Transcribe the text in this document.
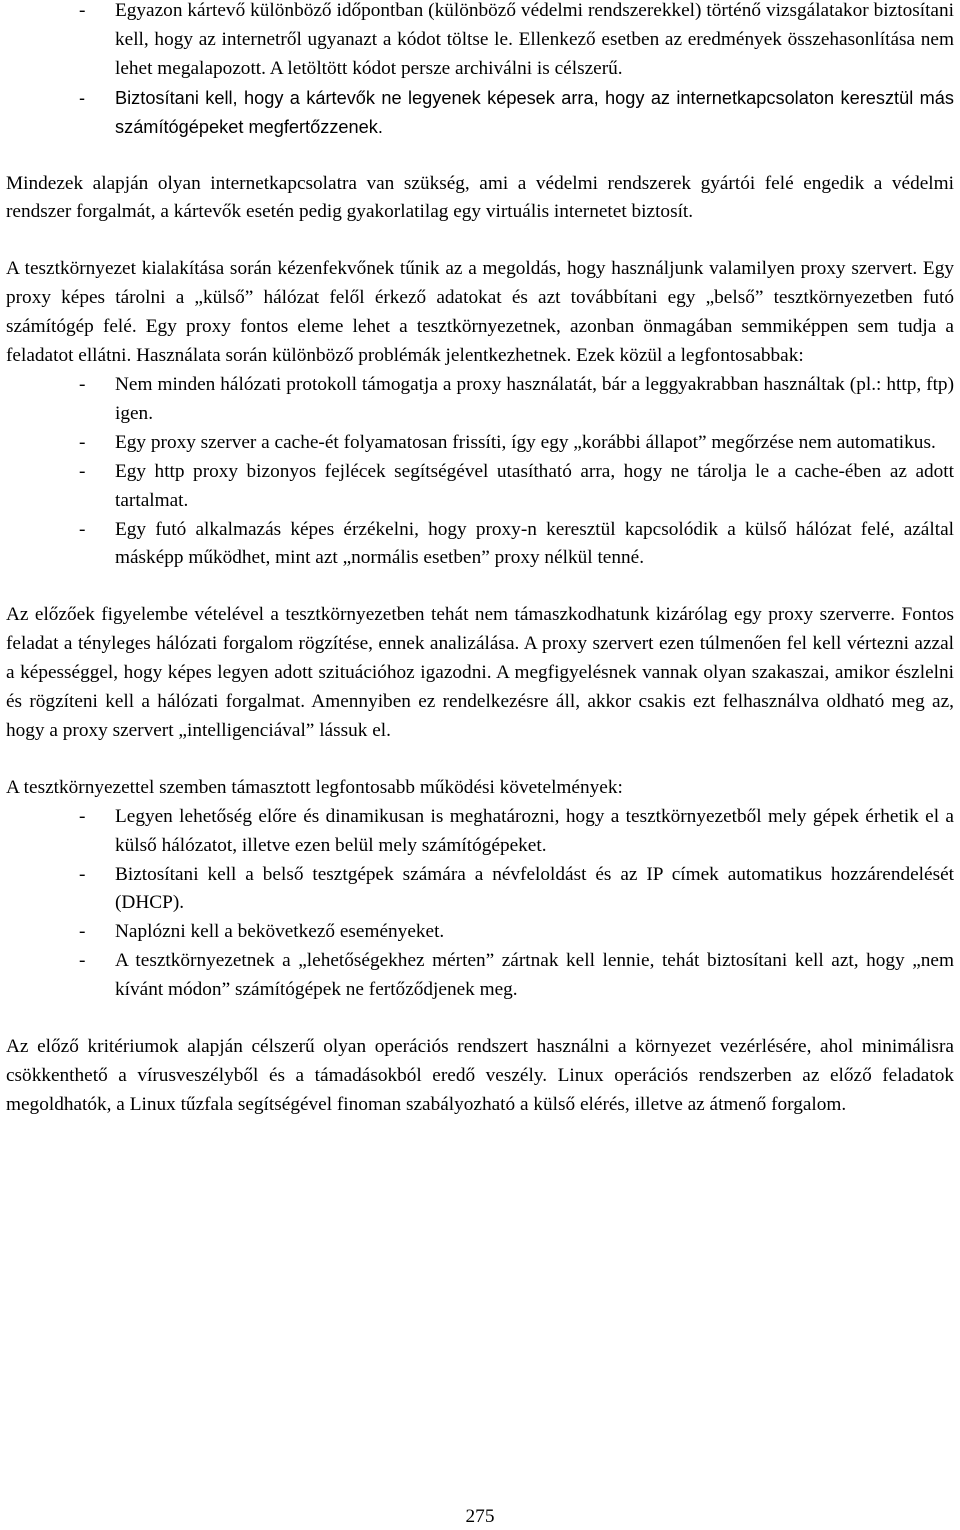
- Egyazon kártevő különböző időpontban (különböző védelmi rendszerekkel) történő vizsgálatakor biztosítani kell, hogy az internetről ugyanazt a kódot töltse le. Ellenkező esetben az eredmények összehasonlítása nem lehet megalapozott. A letöltött kódot persze archiválni is célszerű.
- Biztosítani kell, hogy a kártevők ne legyenek képesek arra, hogy az internetkapcsolaton keresztül más számítógépeket megfertőzzenek.

Mindezek alapján olyan internetkapcsolatra van szükség, ami a védelmi rendszerek gyártói felé engedik a védelmi rendszer forgalmát, a kártevők esetén pedig gyakorlatilag egy virtuális internetet biztosít.

A tesztkörnyezet kialakítása során kézenfekvőnek tűnik az a megoldás, hogy használjunk valamilyen proxy szervert. Egy proxy képes tárolni a „külső” hálózat felől érkező adatokat és azt továbbítani egy „belső” tesztkörnyezetben futó számítógép felé. Egy proxy fontos eleme lehet a tesztkörnyezetnek, azonban önmagában semmiképpen sem tudja a feladatot ellátni. Használata során különböző problémák jelentkezhetnek. Ezek közül a legfontosabbak:

- Nem minden hálózati protokoll támogatja a proxy használatát, bár a leggyakrabban használtak (pl.: http, ftp) igen.
- Egy proxy szerver a cache-ét folyamatosan frissíti, így egy „korábbi állapot” megőrzése nem automatikus.
- Egy http proxy bizonyos fejlécek segítségével utasítható arra, hogy ne tárolja le a cache-ében az adott tartalmat.
- Egy futó alkalmazás képes érzékelni, hogy proxy-n keresztül kapcsolódik a külső hálózat felé, azáltal másképp működhet, mint azt „normális esetben” proxy nélkül tenné.

Az előzőek figyelembe vételével a tesztkörnyezetben tehát nem támaszkodhatunk kizárólag egy proxy szerverre. Fontos feladat a tényleges hálózati forgalom rögzítése, ennek analizálása. A proxy szervert ezen túlmenően fel kell vértezni azzal a képességgel, hogy képes legyen adott szituációhoz igazodni. A megfigyelésnek vannak olyan szakaszai, amikor észlelni és rögzíteni kell a hálózati forgalmat. Amennyiben ez rendelkezésre áll, akkor csakis ezt felhasználva oldható meg az, hogy a proxy szervert „intelligenciával” lássuk el.

A tesztkörnyezettel szemben támasztott legfontosabb működési követelmények:

- Legyen lehetőség előre és dinamikusan is meghatározni, hogy a tesztkörnyezetből mely gépek érhetik el a külső hálózatot, illetve ezen belül mely számítógépeket.
- Biztosítani kell a belső tesztgépek számára a névfeloldást és az IP címek automatikus hozzárendelését (DHCP).
- Naplózni kell a bekövetkező eseményeket.
- A tesztkörnyezetnek a „lehetőségekhez mérten” zártnak kell lennie, tehát biztosítani kell azt, hogy „nem kívánt módon” számítógépek ne fertőződjenek meg.

Az előző kritériumok alapján célszerű olyan operációs rendszert használni a környezet vezérlésére, ahol minimálisra csökkenthető a vírusveszélyből és a támadásokból eredő veszély. Linux operációs rendszerben az előző feladatok megoldhatók, a Linux tűzfala segítségével finoman szabályozható a külső elérés, illetve az átmenő forgalom.

275
